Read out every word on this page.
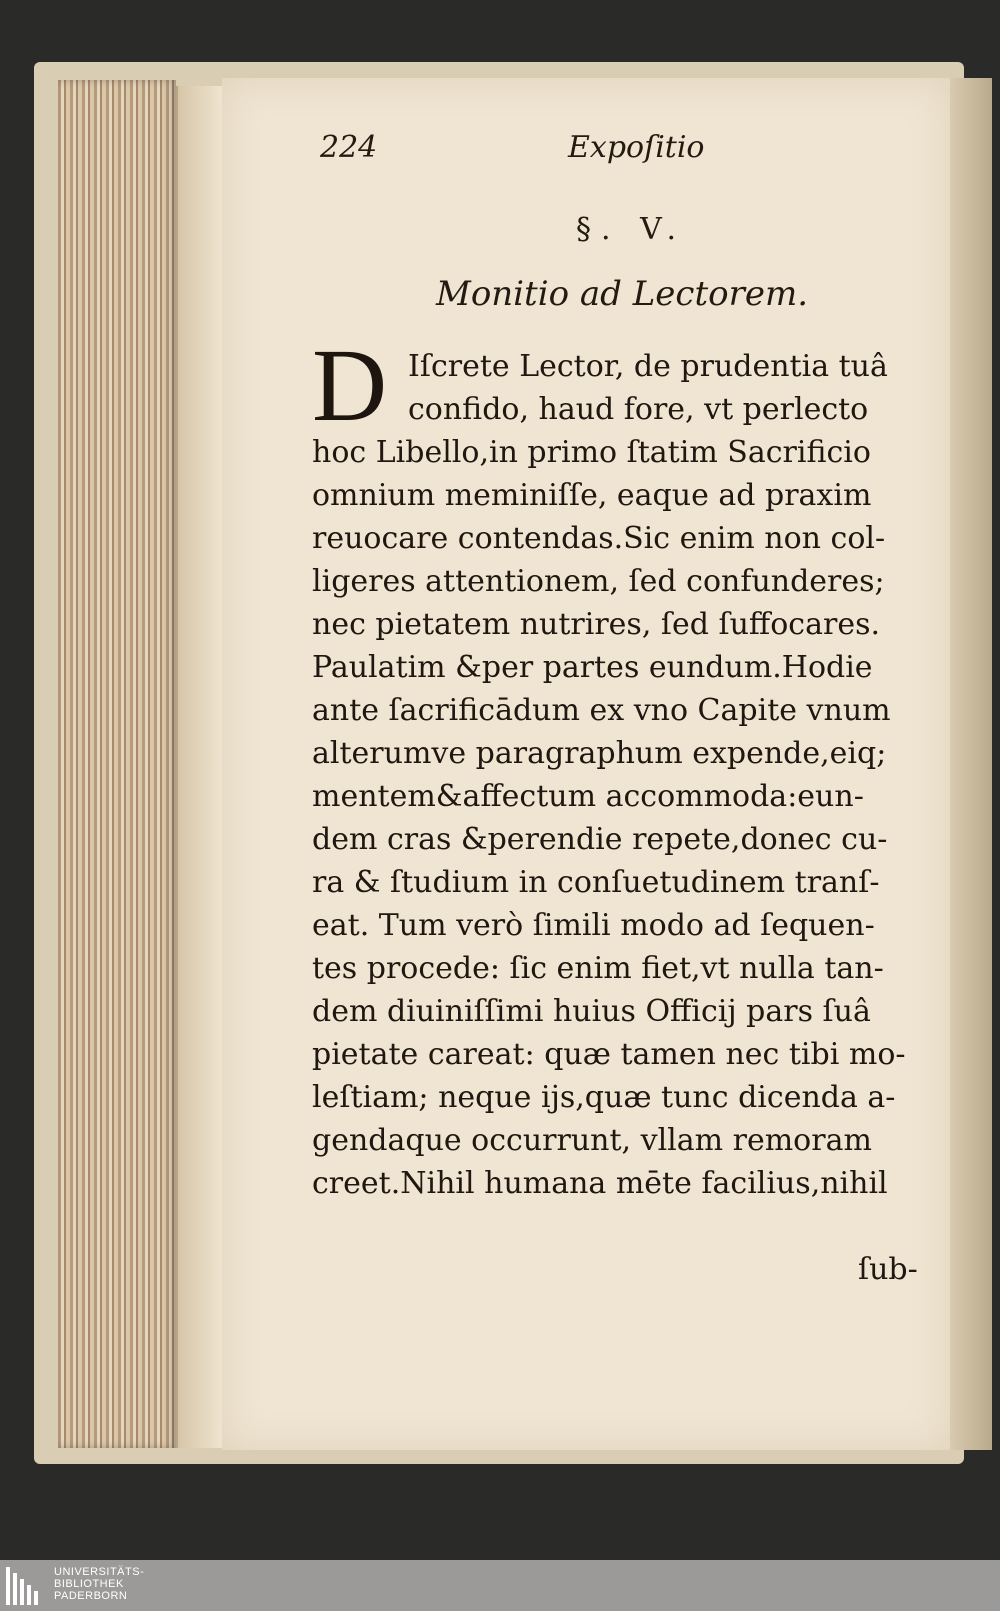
224	Expoſitio
§. V.
Monitio ad Lectorem.
D Iſcrete Lector, de prudentia tuâ
confido, haud fore, vt perlecto
hoc Libello,in primo ſtatim Sacrificio
omnium meminiſſe, eaque ad praxim
reuocare contendas.Sic enim non col-
ligeres attentionem, ſed confunderes;
nec pietatem nutrires, ſed ſuffocares.
Paulatim &per partes eundum.Hodie
ante ſacrificādum ex vno Capite vnum
alterumve paragraphum expende,eiq;
mentem&affectum accommoda:eun-
dem cras &perendie repete,donec cu-
ra & ſtudium in conſuetudinem tranſ-
eat. Tum verò ſimili modo ad ſequen-
tes procede: ſic enim fiet,vt nulla tan-
dem diuiniſſimi huius Officij pars ſuâ
pietate careat: quæ tamen nec tibi mo-
leſtiam; neque ijs,quæ tunc dicenda a-
gendaque occurrunt, vllam remoram
creet.Nihil humana mēte facilius,nihil
ſub-
UNIVERSITÄTS-
BIBLIOTHEK
PADERBORN
